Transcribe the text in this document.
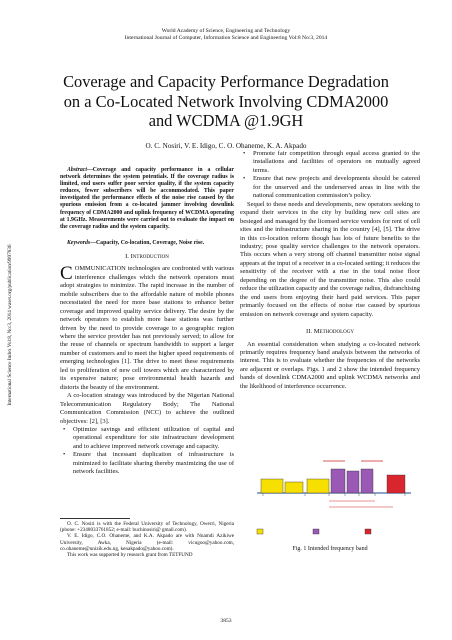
World Academy of Science, Engineering and Technology
International Journal of Computer, Information Science and Engineering Vol:8 No:3, 2014
Coverage and Capacity Performance Degradation
on a Co-Located Network Involving CDMA2000
and WCDMA @1.9GH
O. C. Nosiri, V. E. Idigo, C. O. Ohaneme, K. A. Akpado
International Science Index Vol:8, No:3, 2014 waset.org/publication/9997836

Abstract—Coverage and capacity performance in a cellular network determines the system potentials. If the coverage radius is limited, end users suffer poor service quality, if the system capacity reduces, fewer subscribers will be accommodated. This paper investigated the performance effects of the noise rise caused by the spurious emission from a co-located jammer involving downlink frequency of CDMA2000 and uplink frequency of WCDMA operating at 1.9GHz. Measurements were carried out to evaluate the impact on the coverage radius and the system capacity.

Keywords—Capacity, Co-location, Coverage, Noise rise.

I. Introduction

COMMUNICATION technologies are confronted with various interference challenges which the network operators must adopt strategies to minimize. The rapid increase in the number of mobile subscribers due to the affordable nature of mobile phones necessitated the need for more base stations to enhance better coverage and improved quality service delivery. The desire by the network operators to establish more base stations was further driven by the need to provide coverage to a geographic region where the service provider has not previously served; to allow for the reuse of channels or spectrum bandwidth to support a larger number of customers and to meet the higher speed requirements of emerging technologies [1]. The drive to meet these requirements led to proliferation of new cell towers which are characterized by its expensive nature; pose environmental health hazards and distorts the beauty of the environment.

A co-location strategy was introduced by the Nigerian National Telecommunication Regulatory Body; The National Communication Commission (NCC) to achieve the outlined objectives: [2], [3].

• Optimize savings and efficient utilization of capital and operational expenditure for site infrastructure development and to achieve improved network coverage and capacity.
• Ensure that incessant duplication of infrastructure is minimized to facilitate sharing thereby maximizing the use of network facilities.

O. C. Nosiri is with the Federal University of Technology, Owerri, Nigeria (phone: +2348033761852; e-mail: buchinosiri@ gmail.com).

V. E. Idigo, C.O. Ohaneme, and K.A. Akpado are with Nnamdi Azikiwe University, Awka, Nigeria (e-mail: vicugoo@yahoo.com, co.ohaneme@unizik.edu.ng, kenakpado@yahoo.com).

This work was supported by research grant from TETFUND

• Promote fair competition through equal access granted to the installations and facilities of operators on mutually agreed terms.
• Ensure that new projects and developments should be catered for the unserved and the underserved areas in line with the national communication commission’s policy.

Sequel to these needs and developments, new operators seeking to expand their services in the city by building new cell sites are besieged and managed by the licensed service vendors for rent of cell sites and the infrastructure sharing in the country [4], [5]. The drive in this co-location reform though has lots of future benefits to the industry; pose quality service challenges to the network operators. This occurs when a very strong off channel transmitter noise signal appears at the input of a receiver in a co-located setting; it reduces the sensitivity of the receiver with a rise in the total noise floor depending on the degree of the transmitter noise. This also could reduce the utilization capacity and the coverage radius, disfranchising the end users from enjoying their hard paid services. This paper primarily focused on the effects of noise rise caused by spurious emission on network coverage and system capacity.

II. Methodology

An essential consideration when studying a co-located network primarily requires frequency band analysis between the networks of interest. This is to evaluate whether the frequencies of the networks are adjacent or overlaps. Figs. 1 and 2 show the intended frequency bands of downlink CDMA2000 and uplink WCDMA networks and the likelihood of interference occurrence.

Fig. 1 Intended frequency band
3853
